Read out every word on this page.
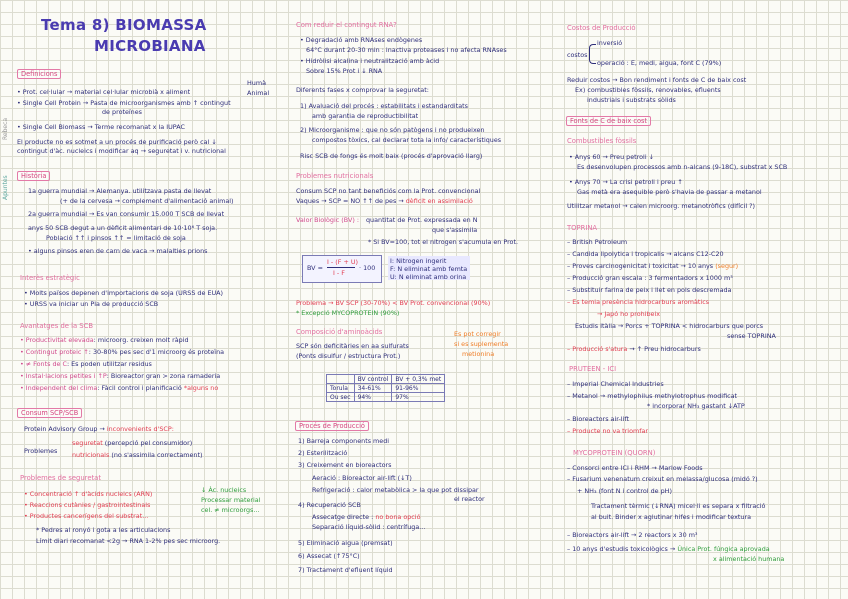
Rebeca
Apuntes
Tema 8) BIOMASSA
MICROBIANA
Definicions
• Prot. cel·lular → material cel·lular microbià x aliment
Humà
Animal
• Single Cell Protein → Pasta de microorganismes amb ↑ contingut
de proteïnes
• Single Cell Biomass → Terme recomanat x la IUPAC
El producte no es sotmet a un procés de purificació però cal ↓
contingut d'àc. nucleics i modificar aq → seguretat i v. nutricional
Història
1a guerra mundial → Alemanya. utilitzava pasta de llevat
(+ de la cervesa → complement d'alimentació animal)
2a guerra mundial → Es van consumir 15.000 T SCB de llevat
anys 50 SCB degut a un dèficit alimentari de 10·10⁶ T soja.
Població ↑↑ i pinsos ↑↑ = limitació de soja
• alguns pinsos eren de carn de vaca → malalties prions
Interès estratègic
• Molts països depenen d'importacions de soja (URSS de EUA)
• URSS va iniciar un Pla de producció SCB
Avantatges de la SCB
• Productivitat elevada: microorg. creixen molt ràpid
• Contingut proteic ↑: 30-80% pes sec d'1 microorg és proteïna
• ≠ Fonts de C: Es poden utilitzar residus
• Instal·lacions petites i ↑P: Bioreactor gran > zona ramaderia
• Independent del clima: Fàcil control i planificació *alguns no
Consum SCP/SCB
Protein Advisory Group → inconvenients d'SCP:
Problemes
seguretat (percepció pel consumidor)
nutricionals (no s'assimila correctament)
Problemes de seguretat
• Concentració ↑ d'àcids nucleics (ARN)
• Reaccions cutànies / gastrointestinals
• Productes cancerígens del substrat...
↓ Àc. nucleics
Processar material
cel. ≠ microorgs...
* Pedres al ronyó i gota a les articulacions
Límit diari recomanat <2g → RNA 1-2% pes sec microorg.
Com reduir el contingut RNA?
• Degradació amb RNAses endògenes
64°C durant 20-30 min : inactiva proteases i no afecta RNAses
• Hidròlisi alcalina i neutralització amb àcid
Sobre 15% Prot i ↓ RNA
Diferents fases x comprovar la seguretat:
1) Avaluació del procés : estabilitats i estandarditats
amb garantia de reproductibilitat
2) Microorganisme : que no són patògens i no produeixen
compostos tòxics, cal declarar tota la info/ característiques
Risc SCB de fongs és molt baix (procés d'aprovació llarg)
Problemes nutricionals
Consum SCP no tant beneficiós com la Prot. convencional
Vaques → SCP = NO ↑↑ de pes → dèficit en assimilació
Valor Biològic (BV) : quantitat de Prot. expressada en N
que s'assimila
* Si BV=100, tot el nitrogen s'acumula en Prot.
BV =
I - (F + U)
I - F
· 100
I: Nitrogen ingerit
F: N eliminat amb femta
U: N eliminat amb orina
Problema → BV SCP (30-70%) < BV Prot. convencional (90%)
* Excepció MYCOPROTEIN (90%)
Composició d'aminoàcids
SCP són deficitàries en aa sulfurats
(Ponts disulfur / estructura Prot.)
Es pot corregir
si es suplementa
metionina
	BV control	BV + 0,3% met
Torula	34-61%	91-96%
Ou sec	94%	97%
Procés de Producció
1) Barreja components medi
2) Esterilització
3) Creixement en bioreactors
Aeració : Bioreactor air-lift (↓T)
Refrigeració : calor metabòlica > la que pot dissipar
el reactor
4) Recuperació SCB
Assecatge directe : no bona opció
Separació líquid-sòlid : centrífuga...
5) Eliminació aigua (premsat)
6) Assecat (↑75°C)
7) Tractament d'efluent líquid
Costos de Producció
costos
inversió
operació : E, medi, aigua, font C (79%)
Reduir costos → Bon rendiment i fonts de C de baix cost
Ex) combustibles fòssils, renovables, efluents
industrials i substrats sòlids
Fonts de C de baix cost
Combustibles fòssils
• Anys 60 → Preu petroli ↓
Es desenvolupen processos amb n-alcans (9-18C), substrat x SCB
• Anys 70 → La crisi petroli i preu ↑
Gas metà era asequible però s'havia de passar a metanol
Utilitzar metanol → calen microorg. metanotròfics (difícil ?)
TOPRINA
– British Petroleum
– Candida lipolytica i tropicalis → alcans C12-C20
– Proves carcinogenicitat i toxicitat → 10 anys (segur)
– Producció gran escala : 3 fermentadors x 1000 m³
– Substituir farina de peix i llet en pols descremada
– Es temia presència hidrocarburs aromàtics
→ Japó ho prohibeix
Estudis Itàlia → Porcs + TOPRINA < hidrocarburs que porcs
sense TOPRINA
– Producció s'atura → ↑ Preu hidrocarburs
PRUTEEN - ICI
– Imperial Chemical Industries
– Metanol → methylophilus methylotrophus modificat
* incorporar NH₃ gastant ↓ATP
– Bioreactors air-lift
– Producte no va triomfar
MYCOPROTEIN (QUORN)
– Consorci entre ICI i RHM → Marlow Foods
– Fusarium venenatum creixut en melassa/glucosa (midó ?)
+ NH₃ (font N i control de pH)
Tractament tèrmic (↓RNA) micel·li es separa x filtració
al buit. Binder x aglutinar hifes i modificar textura
– Bioreactors air-lift → 2 reactors x 30 m³
– 10 anys d'estudis toxicològics → Única Prot. fúngica aprovada
x alimentació humana
